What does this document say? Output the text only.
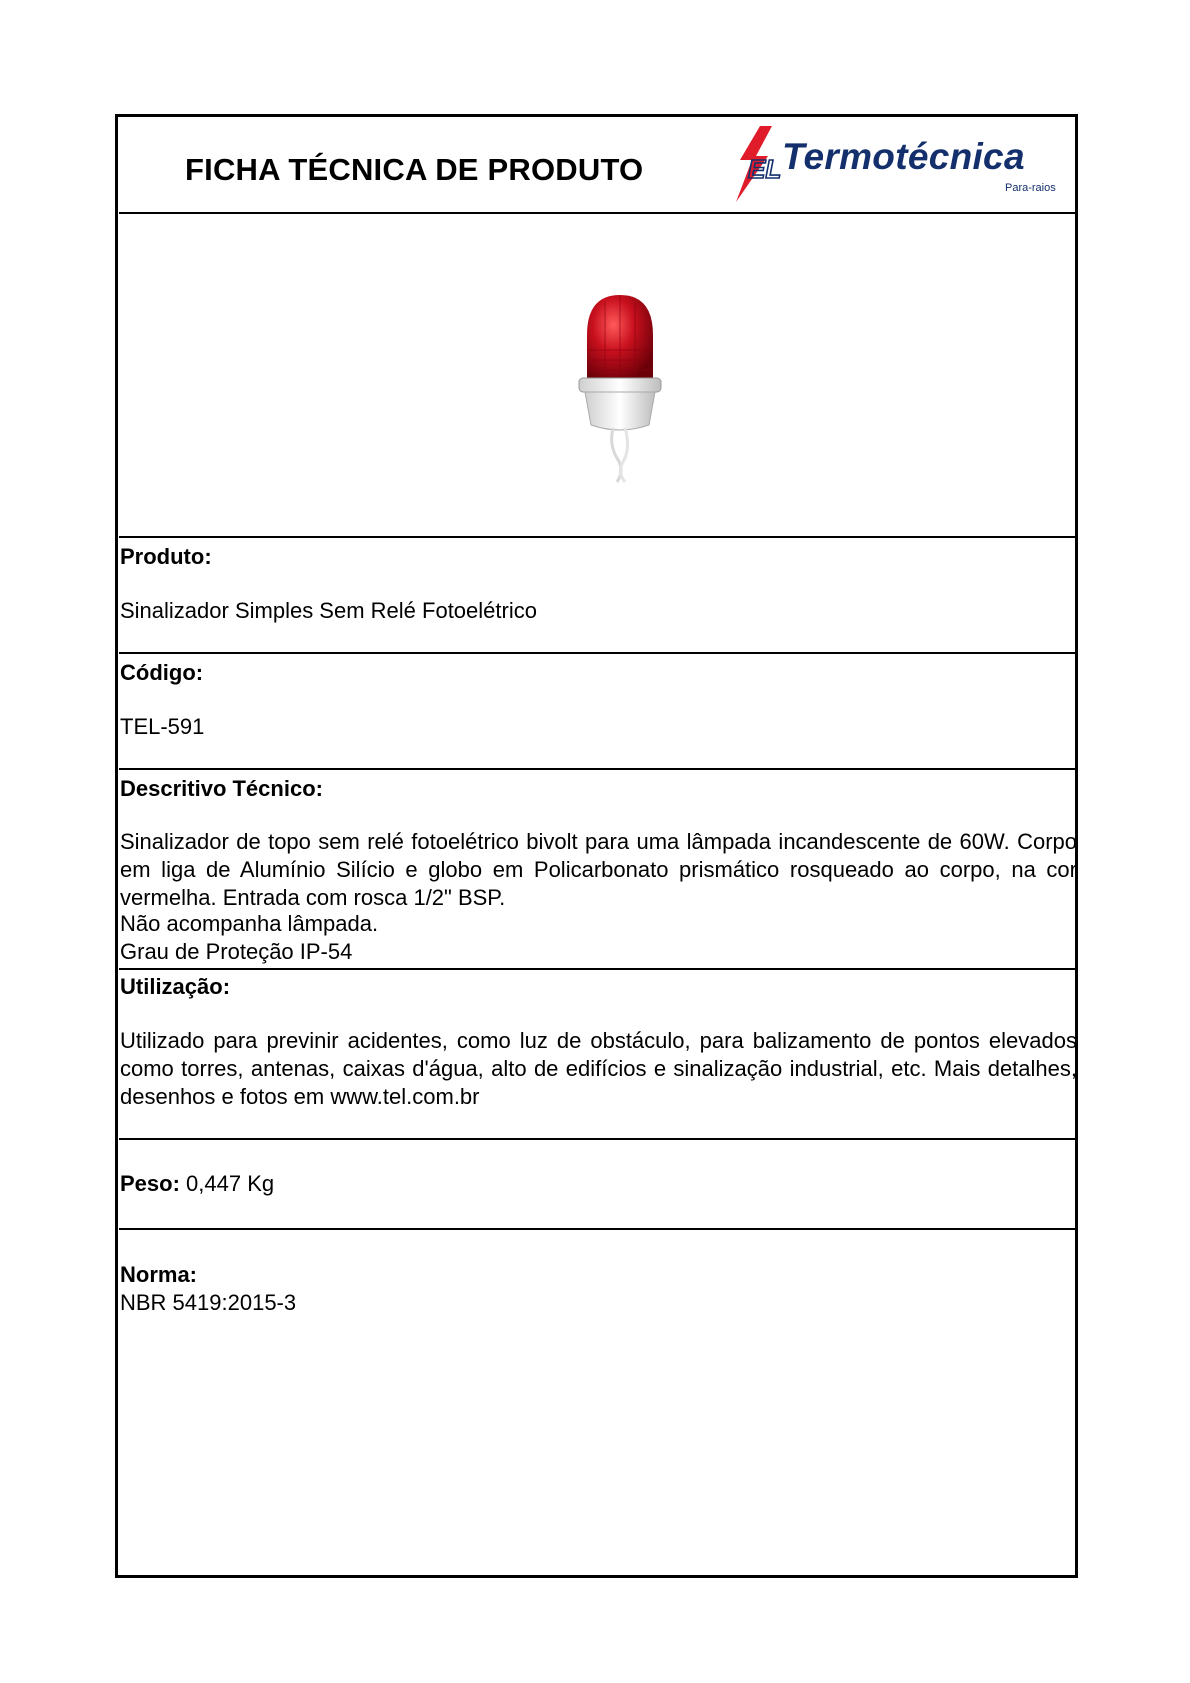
FICHA TÉCNICA DE PRODUTO	EL Termotécnica
Para-raios
Produto:
Sinalizador Simples Sem Relé Fotoelétrico
Código:
TEL-591
Descritivo Técnico:
Sinalizador de topo sem relé fotoelétrico bivolt para uma lâmpada incandescente de 60W. Corpo em liga de Alumínio Silício e globo em Policarbonato prismático rosqueado ao corpo, na cor vermelha. Entrada com rosca 1/2" BSP.
Não acompanha lâmpada.
Grau de Proteção IP-54
Utilização:
Utilizado para previnir acidentes, como luz de obstáculo, para balizamento de pontos elevados como torres, antenas, caixas d'água, alto de edifícios e sinalização industrial, etc. Mais detalhes, desenhos e fotos em www.tel.com.br
Peso: 0,447 Kg
Norma:
NBR 5419:2015-3
